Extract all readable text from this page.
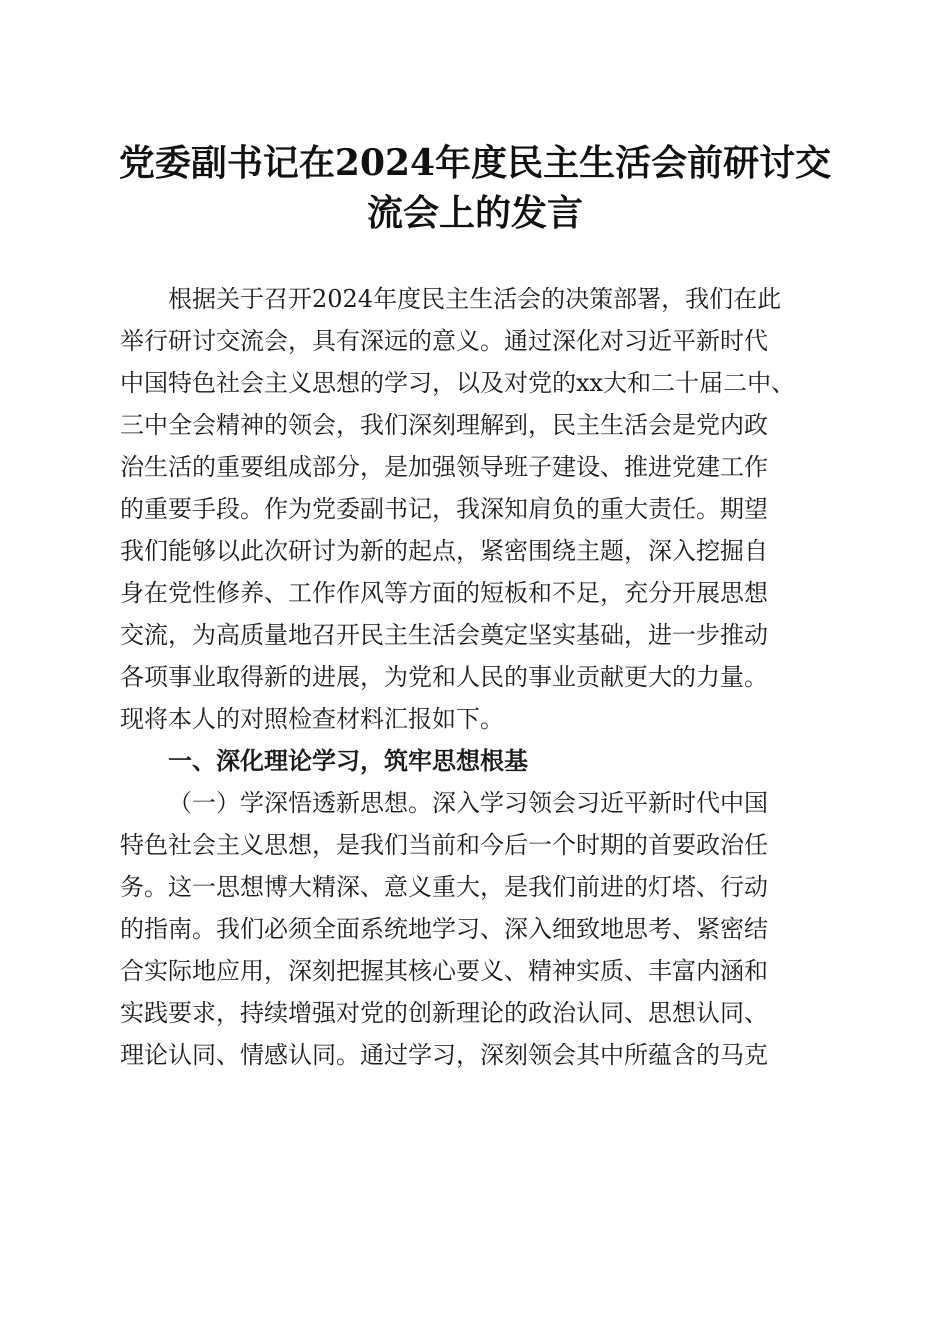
党委副书记在2024年度民主生活会前研讨交
流会上的发言
根据关于召开2024年度民主生活会的决策部署，我们在此
举行研讨交流会，具有深远的意义。通过深化对习近平新时代
中国特色社会主义思想的学习，以及对党的xx大和二十届二中、
三中全会精神的领会，我们深刻理解到，民主生活会是党内政
治生活的重要组成部分，是加强领导班子建设、推进党建工作
的重要手段。作为党委副书记，我深知肩负的重大责任。期望
我们能够以此次研讨为新的起点，紧密围绕主题，深入挖掘自
身在党性修养、工作作风等方面的短板和不足，充分开展思想
交流，为高质量地召开民主生活会奠定坚实基础，进一步推动
各项事业取得新的进展，为党和人民的事业贡献更大的力量。
现将本人的对照检查材料汇报如下。
一、深化理论学习，筑牢思想根基
（一）学深悟透新思想。深入学习领会习近平新时代中国
特色社会主义思想，是我们当前和今后一个时期的首要政治任
务。这一思想博大精深、意义重大，是我们前进的灯塔、行动
的指南。我们必须全面系统地学习、深入细致地思考、紧密结
合实际地应用，深刻把握其核心要义、精神实质、丰富内涵和
实践要求，持续增强对党的创新理论的政治认同、思想认同、
理论认同、情感认同。通过学习，深刻领会其中所蕴含的马克
